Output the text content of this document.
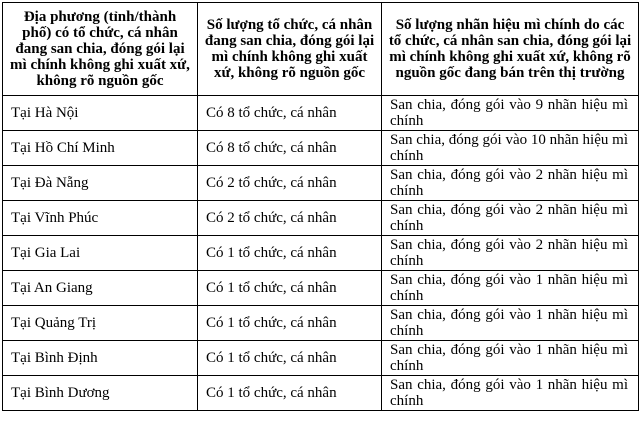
Địa phương (tỉnh/thành phố) có tổ chức, cá nhân đang san chia, đóng gói lại mì chính không ghi xuất xứ, không rõ nguồn gốc	Số lượng tổ chức, cá nhân đang san chia, đóng gói lại mì chính không ghi xuất xứ, không rõ nguồn gốc	Số lượng nhãn hiệu mì chính do các tổ chức, cá nhân san chia, đóng gói lại mì chính không ghi xuất xứ, không rõ nguồn gốc đang bán trên thị trường
Tại Hà Nội	Có 8 tổ chức, cá nhân	San chia, đóng gói vào 9 nhãn hiệu mì chính
Tại Hồ Chí Minh	Có 8 tổ chức, cá nhân	San chia, đóng gói vào 10 nhãn hiệu mì chính
Tại Đà Nẵng	Có 2 tổ chức, cá nhân	San chia, đóng gói vào 2 nhãn hiệu mì chính
Tại Vĩnh Phúc	Có 2 tổ chức, cá nhân	San chia, đóng gói vào 2 nhãn hiệu mì chính
Tại Gia Lai	Có 1 tổ chức, cá nhân	San chia, đóng gói vào 2 nhãn hiệu mì chính
Tại An Giang	Có 1 tổ chức, cá nhân	San chia, đóng gói vào 1 nhãn hiệu mì chính
Tại Quảng Trị	Có 1 tổ chức, cá nhân	San chia, đóng gói vào 1 nhãn hiệu mì chính
Tại Bình Định	Có 1 tổ chức, cá nhân	San chia, đóng gói vào 1 nhãn hiệu mì chính
Tại Bình Dương	Có 1 tổ chức, cá nhân	San chia, đóng gói vào 1 nhãn hiệu mì chính
